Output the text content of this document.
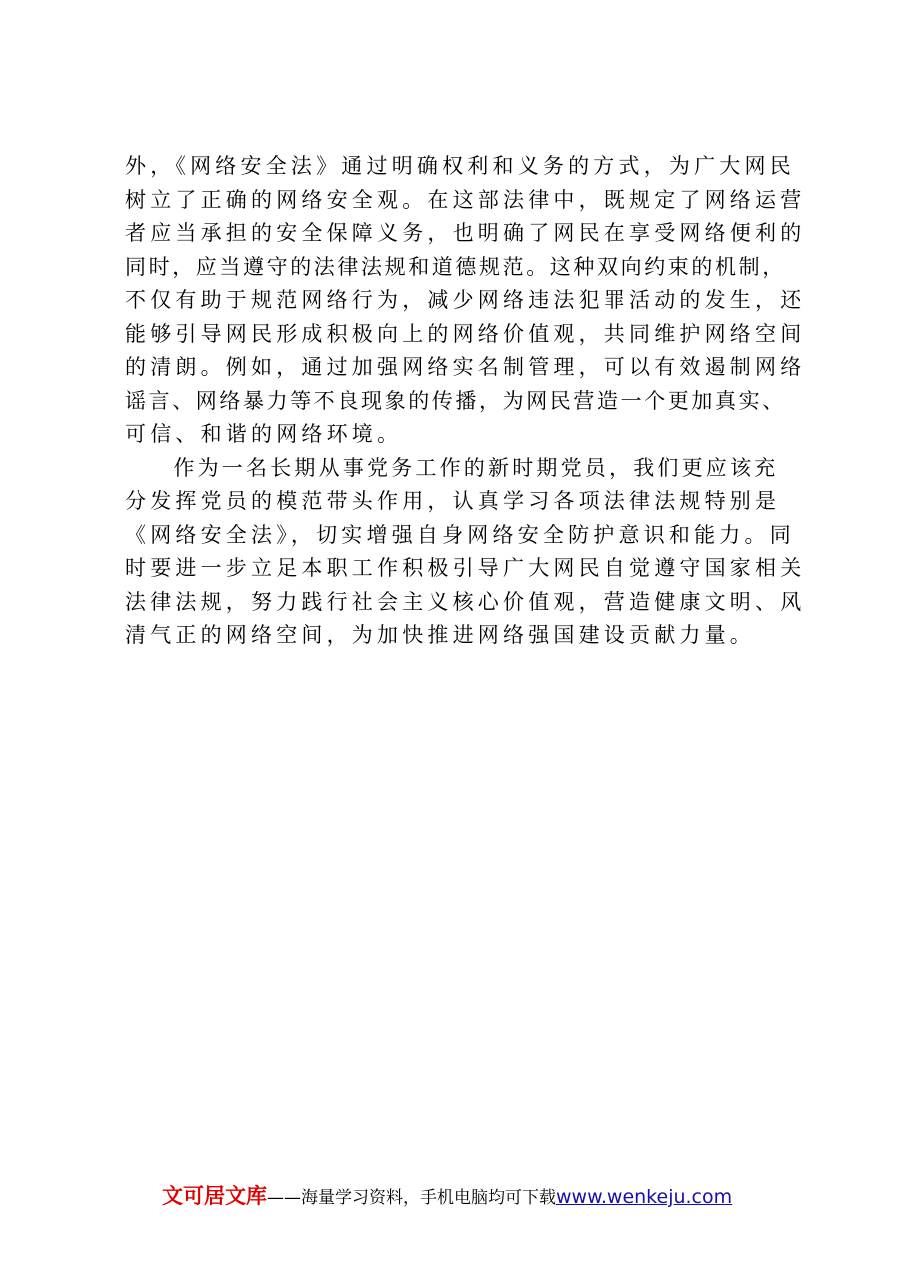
外，《网络安全法》通过明确权利和义务的方式，为广大网民
树立了正确的网络安全观。在这部法律中，既规定了网络运营
者应当承担的安全保障义务，也明确了网民在享受网络便利的
同时，应当遵守的法律法规和道德规范。这种双向约束的机制，
不仅有助于规范网络行为，减少网络违法犯罪活动的发生，还
能够引导网民形成积极向上的网络价值观，共同维护网络空间
的清朗。例如，通过加强网络实名制管理，可以有效遏制网络
谣言、网络暴力等不良现象的传播，为网民营造一个更加真实、
可信、和谐的网络环境。
　　作为一名长期从事党务工作的新时期党员，我们更应该充
分发挥党员的模范带头作用，认真学习各项法律法规特别是
《网络安全法》，切实增强自身网络安全防护意识和能力。同
时要进一步立足本职工作积极引导广大网民自觉遵守国家相关
法律法规，努力践行社会主义核心价值观，营造健康文明、风
清气正的网络空间，为加快推进网络强国建设贡献力量。
文可居文库——海量学习资料，手机电脑均可下载www.wenkeju.com
